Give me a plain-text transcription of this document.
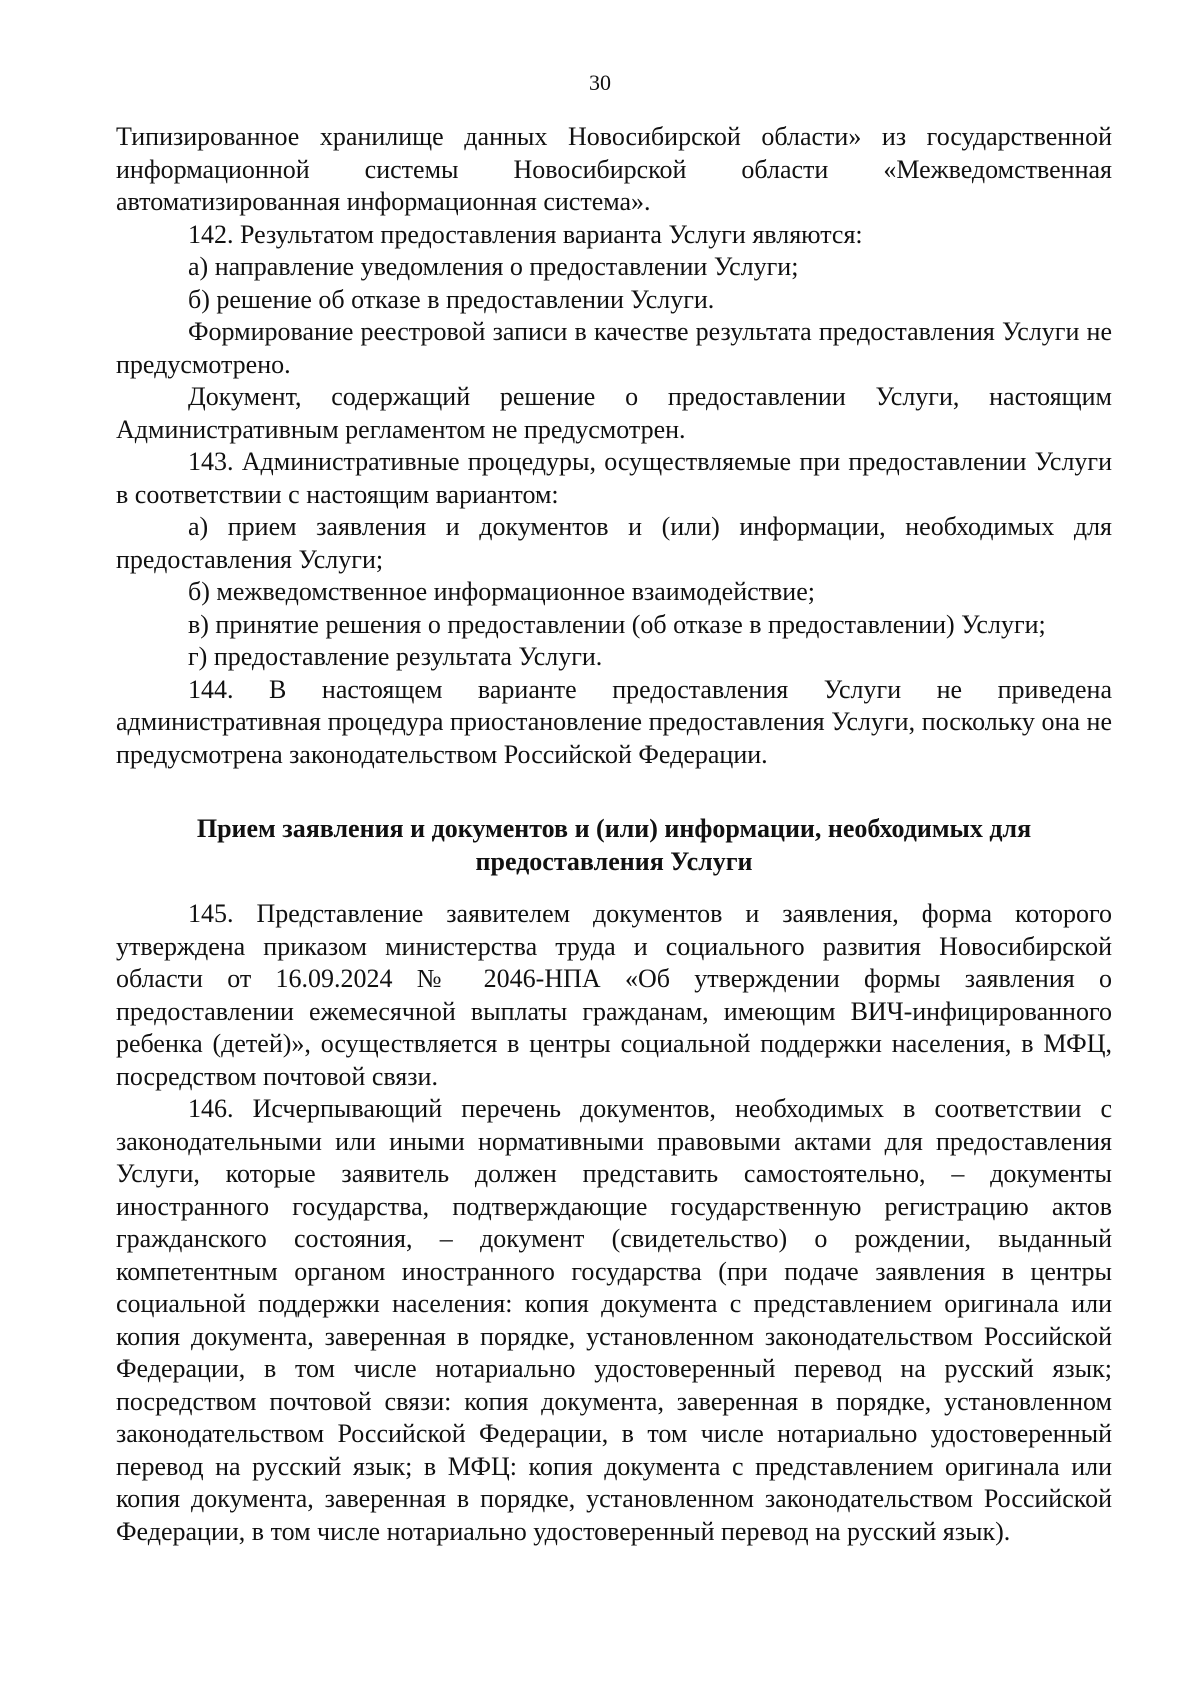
30

Типизированное хранилище данных Новосибирской области» из государственной информационной системы Новосибирской области «Межведомственная автоматизированная информационная система».

142. Результатом предоставления варианта Услуги являются:

а) направление уведомления о предоставлении Услуги;

б) решение об отказе в предоставлении Услуги.

Формирование реестровой записи в качестве результата предоставления Услуги не предусмотрено.

Документ, содержащий решение о предоставлении Услуги, настоящим Административным регламентом не предусмотрен.

143. Административные процедуры, осуществляемые при предоставлении Услуги в соответствии с настоящим вариантом:

а) прием заявления и документов и (или) информации, необходимых для предоставления Услуги;

б) межведомственное информационное взаимодействие;

в) принятие решения о предоставлении (об отказе в предоставлении) Услуги;

г) предоставление результата Услуги.

144. В настоящем варианте предоставления Услуги не приведена административная процедура приостановление предоставления Услуги, поскольку она не предусмотрена законодательством Российской Федерации.

Прием заявления и документов и (или) информации, необходимых для
предоставления Услуги

145. Представление заявителем документов и заявления, форма которого утверждена приказом министерства труда и социального развития Новосибирской области от 16.09.2024 № 2046-НПА «Об утверждении формы заявления о предоставлении ежемесячной выплаты гражданам, имеющим ВИЧ-инфицированного ребенка (детей)», осуществляется в центры социальной поддержки населения, в МФЦ, посредством почтовой связи.

146. Исчерпывающий перечень документов, необходимых в соответствии с законодательными или иными нормативными правовыми актами для предоставления Услуги, которые заявитель должен представить самостоятельно, – документы иностранного государства, подтверждающие государственную регистрацию актов гражданского состояния, – документ (свидетельство) о рождении, выданный компетентным органом иностранного государства (при подаче заявления в центры социальной поддержки населения: копия документа с представлением оригинала или копия документа, заверенная в порядке, установленном законодательством Российской Федерации, в том числе нотариально удостоверенный перевод на русский язык; посредством почтовой связи: копия документа, заверенная в порядке, установленном законодательством Российской Федерации, в том числе нотариально удостоверенный перевод на русский язык; в МФЦ: копия документа с представлением оригинала или копия документа, заверенная в порядке, установленном законодательством Российской Федерации, в том числе нотариально удостоверенный перевод на русский язык).
